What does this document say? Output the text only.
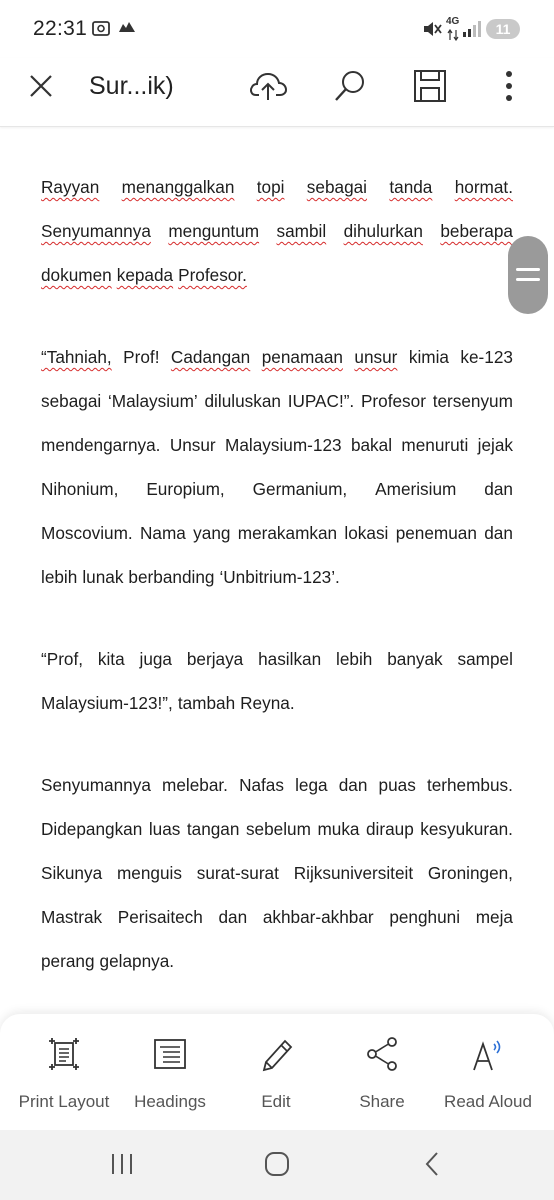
22:31	4G	11
Sur...ik)
Rayyan menanggalkan topi sebagai tanda hormat.
Senyumannya menguntum sambil dihulurkan beberapa
dokumen kepada Profesor.
“Tahniah, Prof! Cadangan penamaan unsur kimia ke-123
sebagai ‘Malaysium’ diluluskan IUPAC!”. Profesor tersenyum
mendengarnya. Unsur Malaysium-123 bakal menuruti jejak
Nihonium, Europium, Germanium, Amerisium dan
Moscovium. Nama yang merakamkan lokasi penemuan dan
lebih lunak berbanding ‘Unbitrium-123’.
“Prof, kita juga berjaya hasilkan lebih banyak sampel
Malaysium-123!”, tambah Reyna.
Senyumannya melebar. Nafas lega dan puas terhembus.
Didepangkan luas tangan sebelum muka diraup kesyukuran.
Sikunya menguis surat-surat Rijksuniversiteit Groningen,
Mastrak Perisaitech dan akhbar-akhbar penghuni meja
perang gelapnya.
Print Layout	Headings	Edit	Share	Read Aloud
